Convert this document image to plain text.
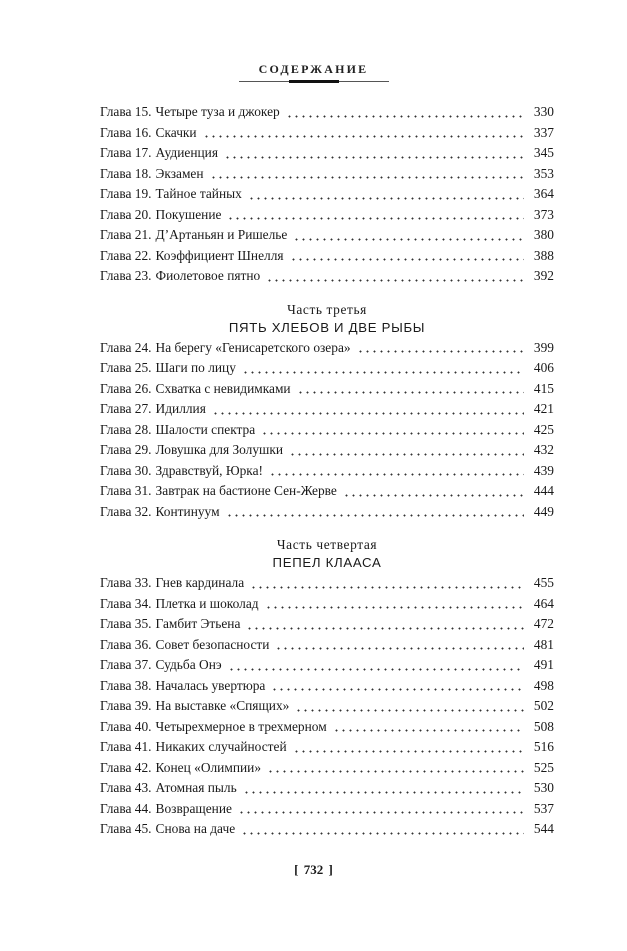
СОДЕРЖАНИЕ
Глава 15. Четыре туза и джокер	330
Глава 16. Скачки	337
Глава 17. Аудиенция	345
Глава 18. Экзамен	353
Глава 19. Тайное тайных	364
Глава 20. Покушение	373
Глава 21. Д’Артаньян и Ришелье	380
Глава 22. Коэффициент Шнелля	388
Глава 23. Фиолетовое пятно	392
Часть третья
ПЯТЬ ХЛЕБОВ И ДВЕ РЫБЫ
Глава 24. На берегу «Генисаретского озера»	399
Глава 25. Шаги по лицу	406
Глава 26. Схватка с невидимками	415
Глава 27. Идиллия	421
Глава 28. Шалости спектра	425
Глава 29. Ловушка для Золушки	432
Глава 30. Здравствуй, Юрка!	439
Глава 31. Завтрак на бастионе Сен-Жерве	444
Глава 32. Континуум	449
Часть четвертая
ПЕПЕЛ КЛААСА
Глава 33. Гнев кардинала	455
Глава 34. Плетка и шоколад	464
Глава 35. Гамбит Этьена	472
Глава 36. Совет безопасности	481
Глава 37. Судьба Онэ	491
Глава 38. Началась увертюра	498
Глава 39. На выставке «Спящих»	502
Глава 40. Четырехмерное в трехмерном	508
Глава 41. Никаких случайностей	516
Глава 42. Конец «Олимпии»	525
Глава 43. Атомная пыль	530
Глава 44. Возвращение	537
Глава 45. Снова на даче	544
[ 732 ]
